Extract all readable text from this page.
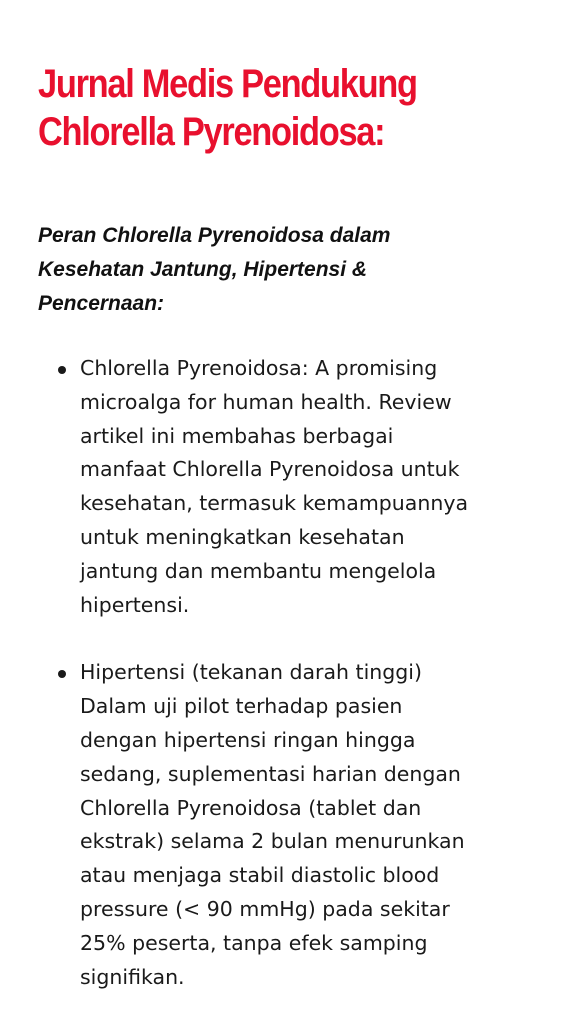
Jurnal Medis Pendukung
Chlorella Pyrenoidosa:
Peran Chlorella Pyrenoidosa dalam
Kesehatan Jantung, Hipertensi &
Pencernaan:
Chlorella Pyrenoidosa: A promising
microalga for human health. Review
artikel ini membahas berbagai
manfaat Chlorella Pyrenoidosa untuk
kesehatan, termasuk kemampuannya
untuk meningkatkan kesehatan
jantung dan membantu mengelola
hipertensi.
Hipertensi (tekanan darah tinggi)
Dalam uji pilot terhadap pasien
dengan hipertensi ringan hingga
sedang, suplementasi harian dengan
Chlorella Pyrenoidosa (tablet dan
ekstrak) selama 2 bulan menurunkan
atau menjaga stabil diastolic blood
pressure (< 90 mmHg) pada sekitar
25% peserta, tanpa efek samping
signifikan.
